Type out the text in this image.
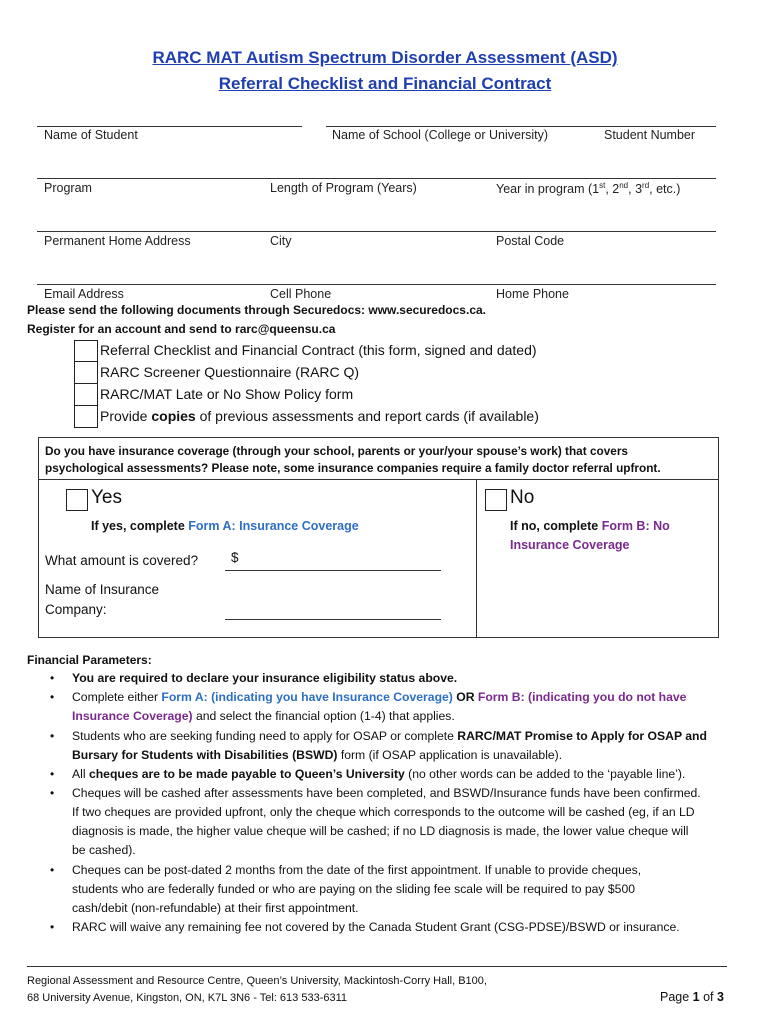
RARC MAT Autism Spectrum Disorder Assessment (ASD)
Referral Checklist and Financial Contract
Name of Student	Name of School (College or University)	Student Number
Program	Length of Program (Years)	Year in program (1st, 2nd, 3rd, etc.)
Permanent Home Address	City	Postal Code
Email Address	Cell Phone	Home Phone
Please send the following documents through Securedocs: www.securedocs.ca.
Register for an account and send to rarc@queensu.ca
Referral Checklist and Financial Contract (this form, signed and dated)
RARC Screener Questionnaire (RARC Q)
RARC/MAT Late or No Show Policy form
Provide copies of previous assessments and report cards (if available)
Do you have insurance coverage (through your school, parents or your/your spouse’s work) that covers
psychological assessments? Please note, some insurance companies require a family doctor referral upfront.
Yes
If yes, complete Form A: Insurance Coverage
What amount is covered? $
Name of Insurance
Company:
No
If no, complete Form B: No
Insurance Coverage
Financial Parameters:
• You are required to declare your insurance eligibility status above.
• Complete either Form A: (indicating you have Insurance Coverage) OR Form B: (indicating you do not have
Insurance Coverage) and select the financial option (1-4) that applies.
• Students who are seeking funding need to apply for OSAP or complete RARC/MAT Promise to Apply for OSAP and
Bursary for Students with Disabilities (BSWD) form (if OSAP application is unavailable).
• All cheques are to be made payable to Queen’s University (no other words can be added to the ‘payable line’).
• Cheques will be cashed after assessments have been completed, and BSWD/Insurance funds have been confirmed.
If two cheques are provided upfront, only the cheque which corresponds to the outcome will be cashed (eg, if an LD
diagnosis is made, the higher value cheque will be cashed; if no LD diagnosis is made, the lower value cheque will
be cashed).
• Cheques can be post-dated 2 months from the date of the first appointment. If unable to provide cheques,
students who are federally funded or who are paying on the sliding fee scale will be required to pay $500
cash/debit (non-refundable) at their first appointment.
• RARC will waive any remaining fee not covered by the Canada Student Grant (CSG-PDSE)/BSWD or insurance.
Regional Assessment and Resource Centre, Queen’s University, Mackintosh-Corry Hall, B100,
68 University Avenue, Kingston, ON, K7L 3N6 - Tel: 613 533-6311	Page 1 of 3
